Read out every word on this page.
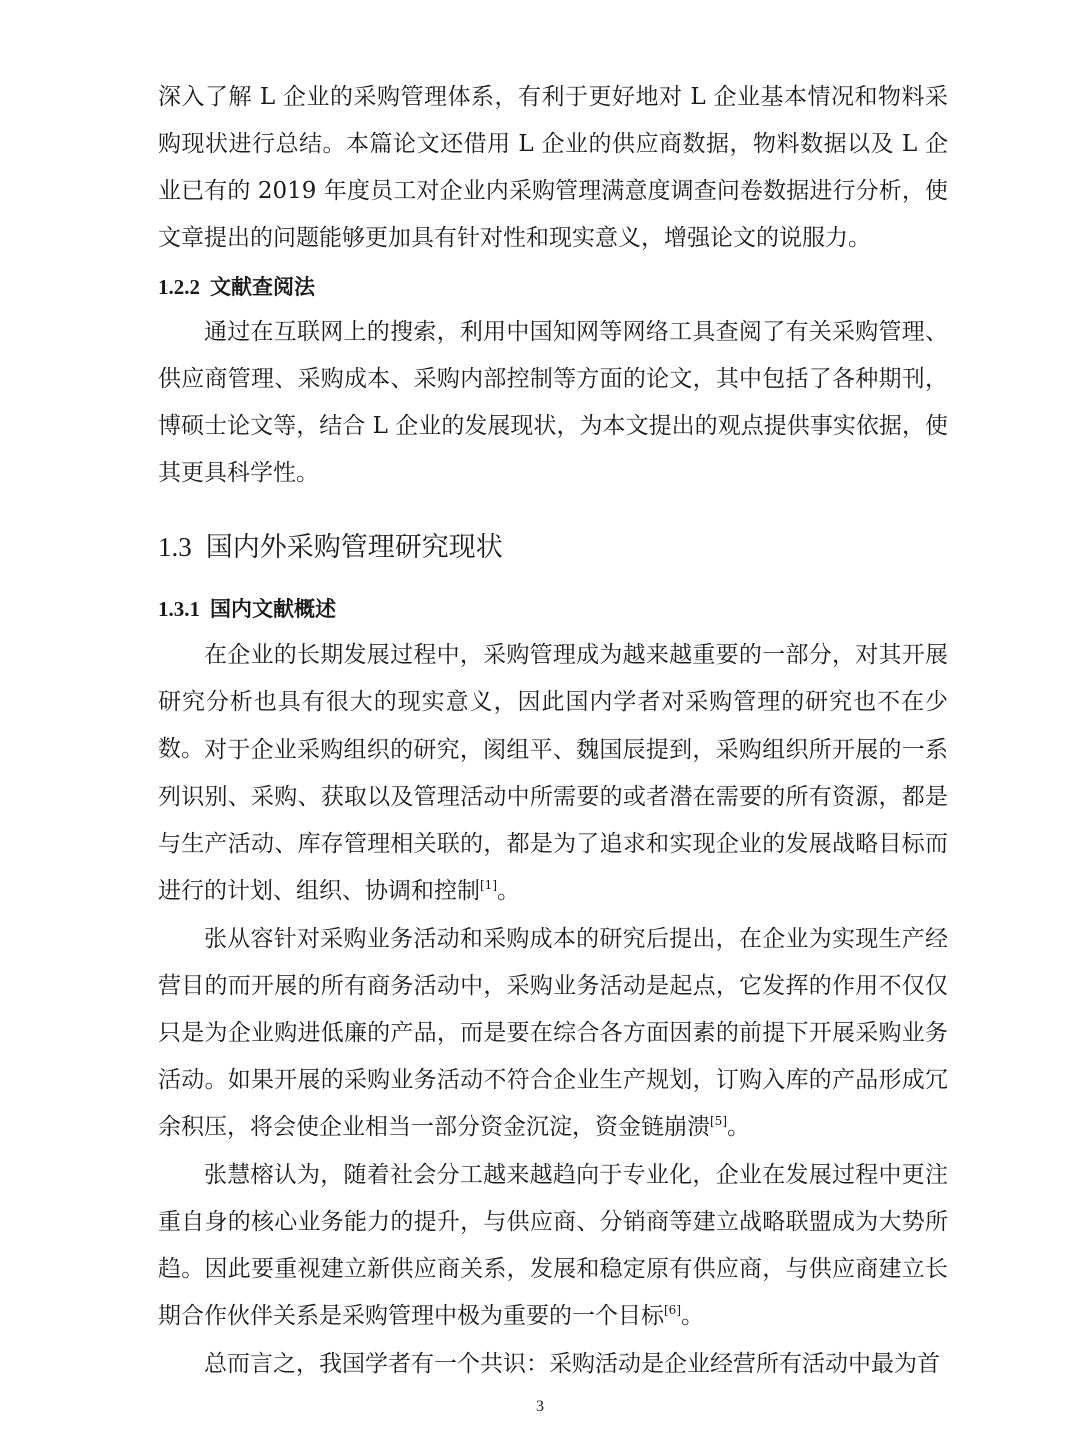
深入了解 L 企业的采购管理体系，有利于更好地对 L 企业基本情况和物料采购现状进行总结。本篇论文还借用 L 企业的供应商数据，物料数据以及 L 企业已有的 2019 年度员工对企业内采购管理满意度调查问卷数据进行分析，使文章提出的问题能够更加具有针对性和现实意义，增强论文的说服力。

1.2.2 文献查阅法

通过在互联网上的搜索，利用中国知网等网络工具查阅了有关采购管理、供应商管理、采购成本、采购内部控制等方面的论文，其中包括了各种期刊，博硕士论文等，结合 L 企业的发展现状，为本文提出的观点提供事实依据，使其更具科学性。

1.3 国内外采购管理研究现状
1.3.1 国内文献概述

在企业的长期发展过程中，采购管理成为越来越重要的一部分，对其开展研究分析也具有很大的现实意义，因此国内学者对采购管理的研究也不在少数。 对于企业采购组织的研究，阂组平、魏国辰提到，采购组织所开展的一系列识别、采购、获取以及管理活动中所需要的或者潜在需要的所有资源，都是与生产活动、库存管理相关联的，都是为了追求和实现企业的发展战略目标而进行的计划、组织、协调和控制[1]。

张从容针对采购业务活动和采购成本的研究后提出，在企业为实现生产经营目的而开展的所有商务活动中，采购业务活动是起点，它发挥的作用不仅仅只是为企业购进低廉的产品，而是要在综合各方面因素的前提下开展采购业务活动。如果开展的采购业务活动不符合企业生产规划，订购入库的产品形成冗余积压，将会使企业相当一部分资金沉淀，资金链崩溃[5]。

张慧榕认为，随着社会分工越来越趋向于专业化，企业在发展过程中更注重自身的核心业务能力的提升，与供应商、分销商等建立战略联盟成为大势所趋。因此要重视建立新供应商关系，发展和稳定原有供应商，与供应商建立长期合作伙伴关系是采购管理中极为重要的一个目标[6]。

总而言之，我国学者有一个共识：采购活动是企业经营所有活动中最为首

3
